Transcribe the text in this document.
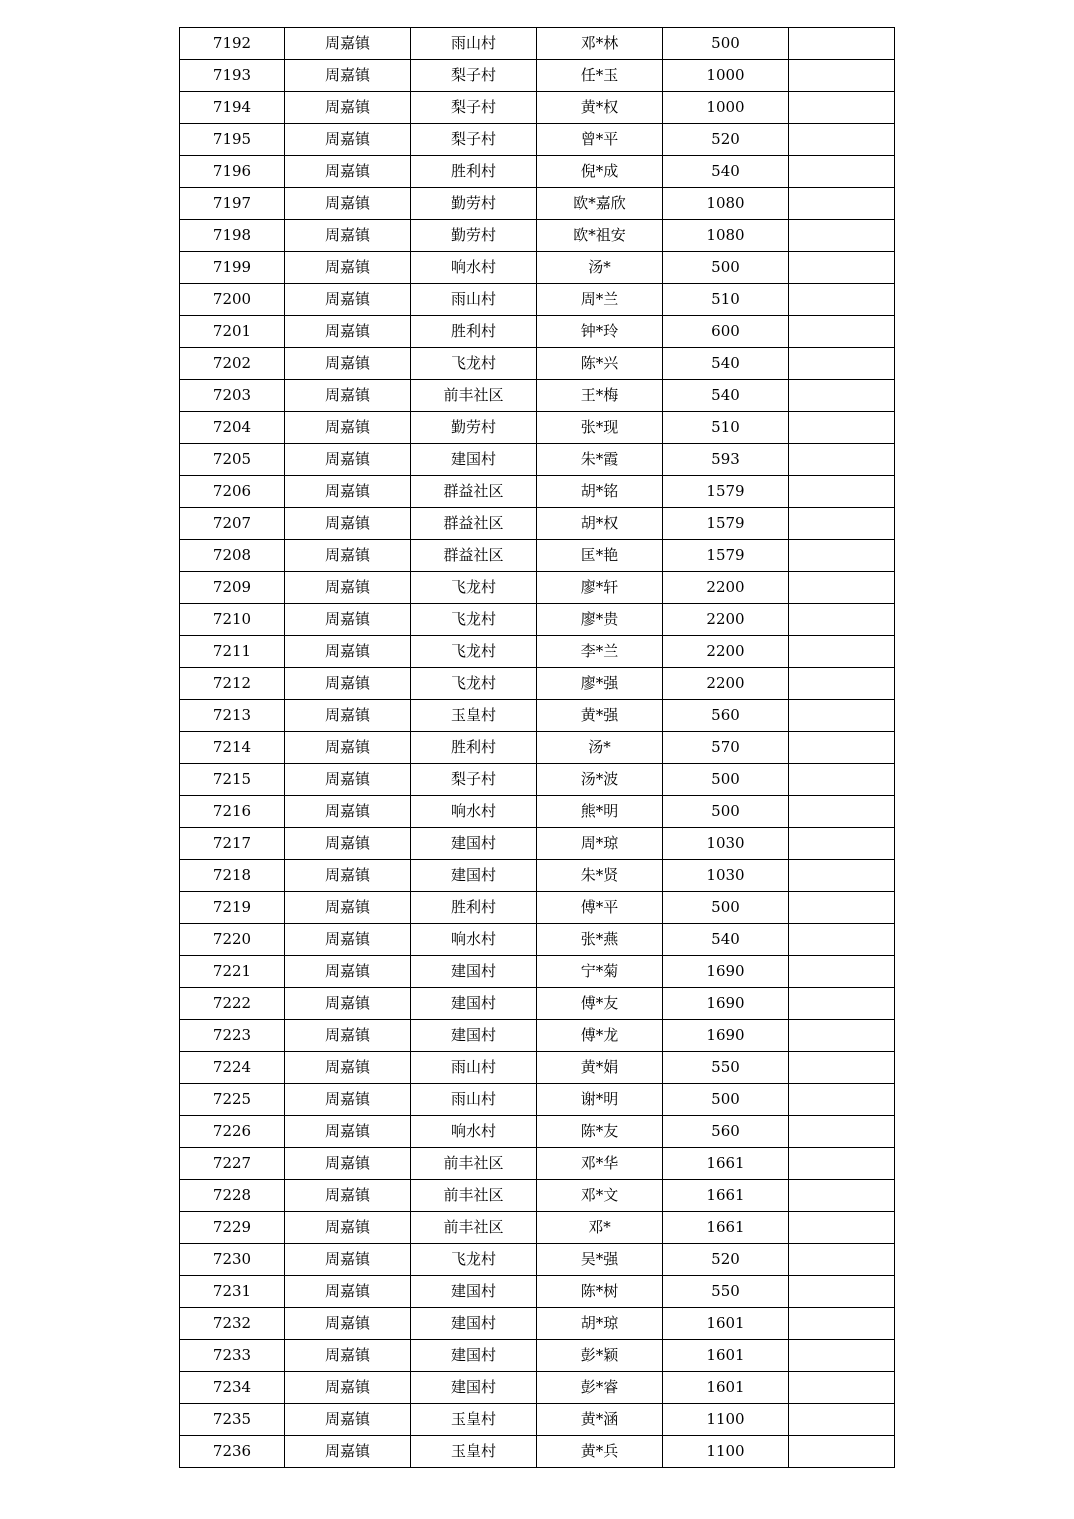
7192	周嘉镇	雨山村	邓*林	500	
7193	周嘉镇	梨子村	任*玉	1000	
7194	周嘉镇	梨子村	黄*权	1000	
7195	周嘉镇	梨子村	曾*平	520	
7196	周嘉镇	胜利村	倪*成	540	
7197	周嘉镇	勤劳村	欧*嘉欣	1080	
7198	周嘉镇	勤劳村	欧*祖安	1080	
7199	周嘉镇	响水村	汤*	500	
7200	周嘉镇	雨山村	周*兰	510	
7201	周嘉镇	胜利村	钟*玲	600	
7202	周嘉镇	飞龙村	陈*兴	540	
7203	周嘉镇	前丰社区	王*梅	540	
7204	周嘉镇	勤劳村	张*现	510	
7205	周嘉镇	建国村	朱*霞	593	
7206	周嘉镇	群益社区	胡*铭	1579	
7207	周嘉镇	群益社区	胡*权	1579	
7208	周嘉镇	群益社区	匡*艳	1579	
7209	周嘉镇	飞龙村	廖*轩	2200	
7210	周嘉镇	飞龙村	廖*贵	2200	
7211	周嘉镇	飞龙村	李*兰	2200	
7212	周嘉镇	飞龙村	廖*强	2200	
7213	周嘉镇	玉皇村	黄*强	560	
7214	周嘉镇	胜利村	汤*	570	
7215	周嘉镇	梨子村	汤*波	500	
7216	周嘉镇	响水村	熊*明	500	
7217	周嘉镇	建国村	周*琼	1030	
7218	周嘉镇	建国村	朱*贤	1030	
7219	周嘉镇	胜利村	傅*平	500	
7220	周嘉镇	响水村	张*燕	540	
7221	周嘉镇	建国村	宁*菊	1690	
7222	周嘉镇	建国村	傅*友	1690	
7223	周嘉镇	建国村	傅*龙	1690	
7224	周嘉镇	雨山村	黄*娟	550	
7225	周嘉镇	雨山村	谢*明	500	
7226	周嘉镇	响水村	陈*友	560	
7227	周嘉镇	前丰社区	邓*华	1661	
7228	周嘉镇	前丰社区	邓*文	1661	
7229	周嘉镇	前丰社区	邓*	1661	
7230	周嘉镇	飞龙村	吴*强	520	
7231	周嘉镇	建国村	陈*树	550	
7232	周嘉镇	建国村	胡*琼	1601	
7233	周嘉镇	建国村	彭*颖	1601	
7234	周嘉镇	建国村	彭*睿	1601	
7235	周嘉镇	玉皇村	黄*涵	1100	
7236	周嘉镇	玉皇村	黄*兵	1100	
